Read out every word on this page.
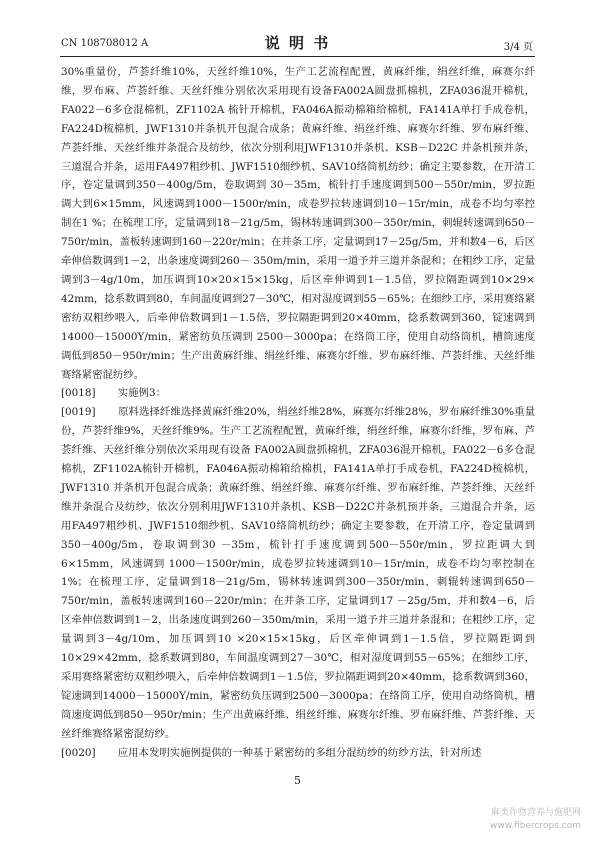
CN 108708012 A	说 明 书	3/4 页

30%重量份，芦荟纤维10%，天丝纤维10%，生产工艺流程配置，黄麻纤维，绢丝纤维，麻赛尔纤维，罗布麻、芦荟纤维、天丝纤维分别依次采用现有设备FA002A圆盘抓棉机，ZFA036混开棉机，FA022－6多仓混棉机，ZF1102A 梳针开棉机，FA046A振动棉箱给棉机，FA141A单打手成卷机，FA224D梳棉机，JWF1310并条机开包混合成条；黄麻纤维、绢丝纤维、麻赛尔纤维、罗布麻纤维、芦荟纤维、天丝纤维并条混合及纺纱，依次分别利用JWF1310并条机、KSB－D22C 并条机预并条，三道混合并条，运用FA497粗纱机、JWF1510细纱机、SAV10络筒机纺纱；确定主要参数，在开清工序，卷定量调到350－400g/5m，卷取调到 30－35m，梳针打手速度调到500－550r/min，罗拉距调大到6×15mm，风速调到1000－1500r/min，成卷罗拉转速调到10－15r/min，成卷不均匀率控制在1 %；在梳理工序，定量调到18－21g/5m，锡林转速调到300－350r/min，刺辊转速调到650－750r/min，盖板转速调到160－220r/min；在并条工序，定量调到17－25g/5m，并和数4－6，后区牵伸倍数调到1－2，出条速度调到260－ 350m/min，采用一道予并三道并条混和；在粗纱工序，定量调到3－4g/10m，加压调到10×20×15×15kg，后区牵伸调到1－1.5倍，罗拉隔距调到10×29× 42mm，捻系数调到80，车间温度调到27－30℃，相对湿度调到55－65%；在细纱工序，采用赛络紧密纺双粗纱喂入，后牵伸倍数调到1－1.5倍，罗拉隔距调到20×40mm，捻系数调到360，锭速调到14000－15000Y/min，紧密纺负压调到 2500－3000pa；在络筒工序，使用自动络筒机，槽筒速度调低到850－950r/min；生产出黄麻纤维、绢丝纤维、麻赛尔纤维、罗布麻纤维、芦荟纤维、天丝纤维赛络紧密混纺纱。

[0018] 实施例3：

[0019] 原料选择纤维选择黄麻纤维20%，绢丝纤维28%，麻赛尔纤维28%，罗布麻纤维30%重量份，芦荟纤维9%，天丝纤维9%。生产工艺流程配置，黄麻纤维，绢丝纤维，麻赛尔纤维，罗布麻、芦荟纤维、天丝纤维分别依次采用现有设备 FA002A圆盘抓棉机，ZFA036混开棉机，FA022－6多仓混棉机，ZF1102A梳针开棉机，FA046A振动棉箱给棉机，FA141A单打手成卷机，FA224D梳棉机，JWF1310 并条机开包混合成条；黄麻纤维、绢丝纤维、麻赛尔纤维、罗布麻纤维、芦荟纤维、天丝纤维并条混合及纺纱，依次分别利用JWF1310并条机、KSB－D22C并条机预并条，三道混合并条，运用FA497粗纱机、JWF1510细纱机、SAV10络筒机纺纱；确定主要参数，在开清工序，卷定量调到350－400g/5m，卷取调到30 －35m，梳针打手速度调到500－550r/min，罗拉距调大到6×15mm，风速调到 1000－1500r/min，成卷罗拉转速调到10－15r/min，成卷不均匀率控制在1%；在梳理工序，定量调到18－21g/5m，锡林转速调到300－350r/min，刺辊转速调到650－750r/min，盖板转速调到160－220r/min；在并条工序，定量调到17 －25g/5m，并和数4－6，后区牵伸倍数调到1－2，出条速度调到260－350m/min，采用一道予并三道并条混和；在粗纱工序，定量调到3－4g/10m，加压调到10 ×20×15×15kg，后区牵伸调到1－1.5倍，罗拉隔距调到10×29×42mm，捻系数调到80，车间温度调到27－30℃，相对湿度调到55－65%；在细纱工序，采用赛络紧密纺双粗纱喂入，后牵伸倍数调到1－1.5倍，罗拉隔距调到20×40mm，捻系数调到360，锭速调到14000－15000Y/min，紧密纺负压调到2500－3000pa；在络筒工序，使用自动络筒机，槽筒速度调低到850－950r/min；生产出黄麻纤维、绢丝纤维、麻赛尔纤维、罗布麻纤维、芦荟纤维、天丝纤维赛络紧密混纺纱。

[0020] 应用本发明实施例提供的一种基于紧密纺的多组分混纺纱的纺纱方法，针对所述

5
麻类作物营养与施肥网
www.fibercrops.com
